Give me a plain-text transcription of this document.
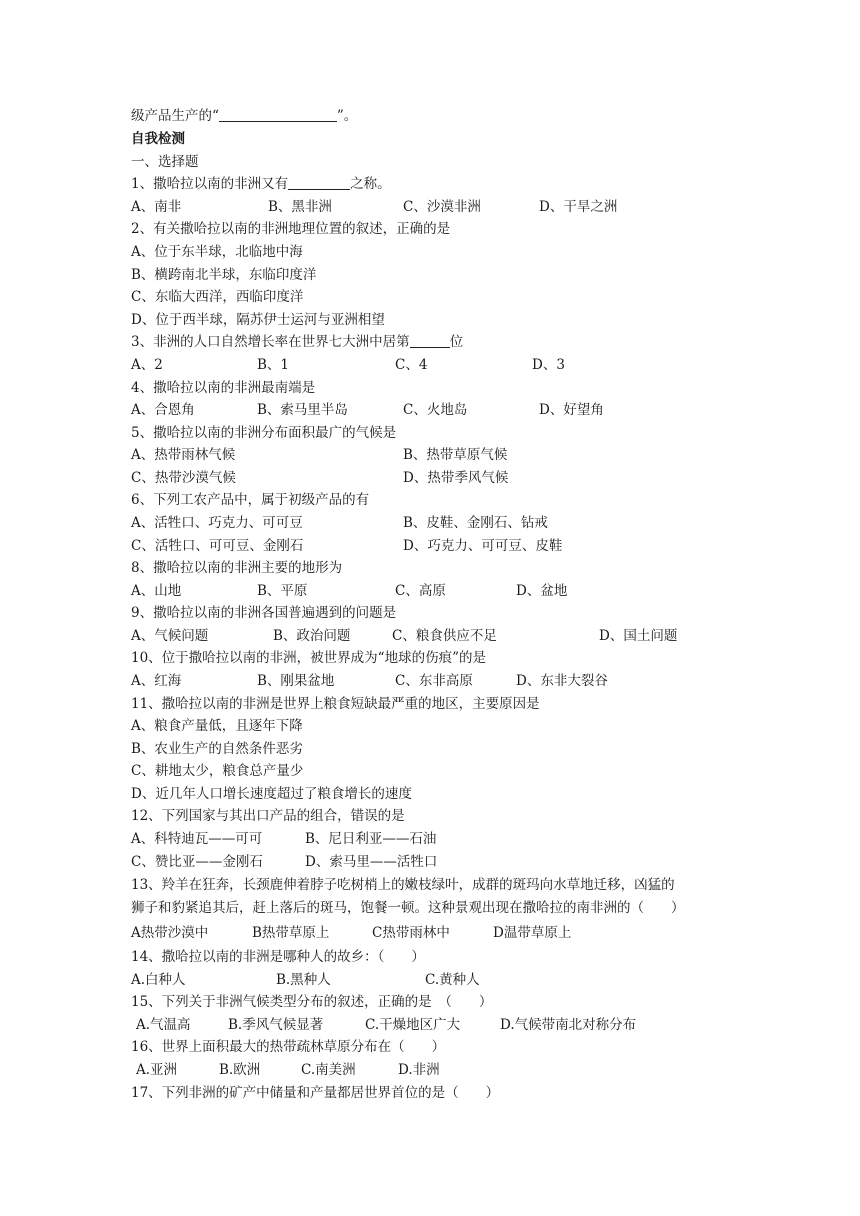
级产品生产的“	”。
自我检测
一、选择题
1、撒哈拉以南的非洲又有	之称。
A、南非	B、黑非洲	C、沙漠非洲	D、干旱之洲
2、有关撒哈拉以南的非洲地理位置的叙述，正确的是
A、位于东半球，北临地中海
B、横跨南北半球，东临印度洋
C、东临大西洋，西临印度洋
D、位于西半球，隔苏伊士运河与亚洲相望
3、非洲的人口自然增长率在世界七大洲中居第	位
A、2	B、1	C、4	D、3
4、撒哈拉以南的非洲最南端是
A、合恩角	B、索马里半岛	C、火地岛	D、好望角
5、撒哈拉以南的非洲分布面积最广的气候是
A、热带雨林气候	B、热带草原气候
C、热带沙漠气候	D、热带季风气候
6、下列工农产品中，属于初级产品的有
A、活牲口、巧克力、可可豆	B、皮鞋、金刚石、钻戒
C、活牲口、可可豆、金刚石	D、巧克力、可可豆、皮鞋
8、撒哈拉以南的非洲主要的地形为
A、山地	B、平原	C、高原	D、盆地
9、撒哈拉以南的非洲各国普遍遇到的问题是
A、气候问题	B、政治问题	C、粮食供应不足	D、国土问题
10、位于撒哈拉以南的非洲，被世界成为“地球的伤痕”的是
A、红海	B、刚果盆地	C、东非高原	D、东非大裂谷
11、撒哈拉以南的非洲是世界上粮食短缺最严重的地区，主要原因是
A、粮食产量低，且逐年下降
B、农业生产的自然条件恶劣
C、耕地太少，粮食总产量少
D、近几年人口增长速度超过了粮食增长的速度
12、下列国家与其出口产品的组合，错误的是
A、科特迪瓦——可可	B、尼日利亚——石油
C、赞比亚——金刚石	D、索马里——活牲口
13、羚羊在狂奔，长颈鹿伸着脖子吃树梢上的嫩枝绿叶，成群的斑玛向水草地迁移，凶猛的
狮子和豹紧追其后，赶上落后的斑马，饱餐一顿。这种景观出现在撒哈拉的南非洲的（　　）
A热带沙漠中	B热带草原上	C热带雨林中	D温带草原上
14、撒哈拉以南的非洲是哪种人的故乡：（　　）
A.白种人	B.黑种人	C.黄种人
15、下列关于非洲气候类型分布的叙述，正确的是　（　　）
A.气温高	B.季风气候显著	C.干燥地区广大	D.气候带南北对称分布
16、世界上面积最大的热带疏林草原分布在（　　）
A.亚洲	B.欧洲	C.南美洲	D.非洲
17、下列非洲的矿产中储量和产量都居世界首位的是（　　）
